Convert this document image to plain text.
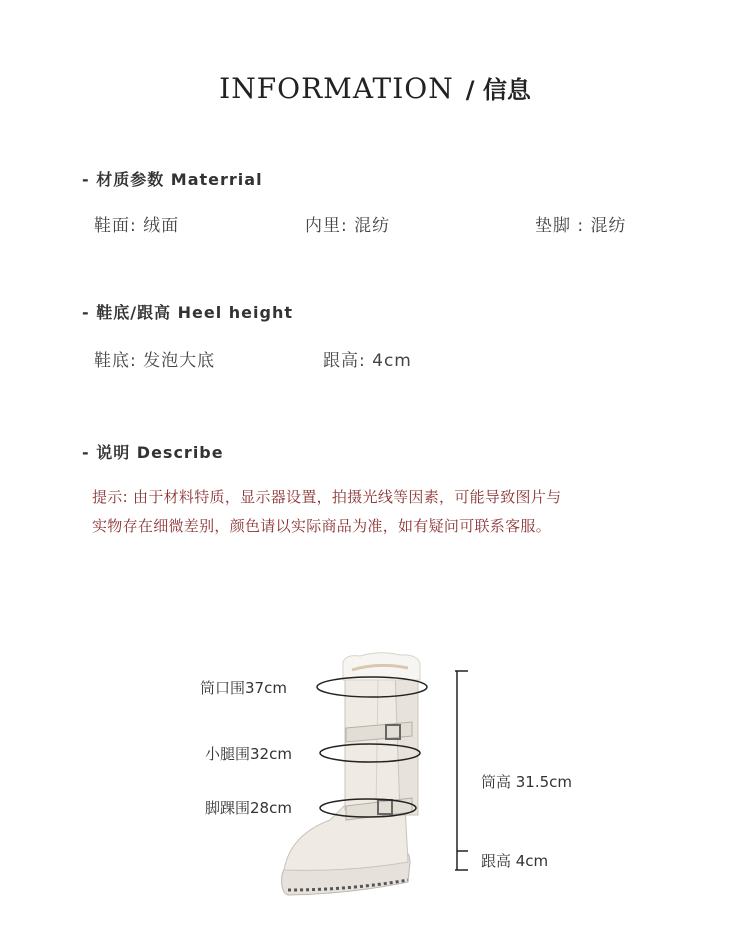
INFORMATION / 信息
- 材质参数 Materrial
鞋面: 绒面	内里: 混纺	垫脚 : 混纺
- 鞋底/跟高 Heel height
鞋底: 发泡大底	跟高: 4cm
- 说明 Describe
提示: 由于材料特质，显示器设置，拍摄光线等因素，可能导致图片与
实物存在细微差别，颜色请以实际商品为准，如有疑问可联系客服。
筒口围37cm
小腿围32cm
脚踝围28cm
筒高 31.5cm
跟高 4cm
